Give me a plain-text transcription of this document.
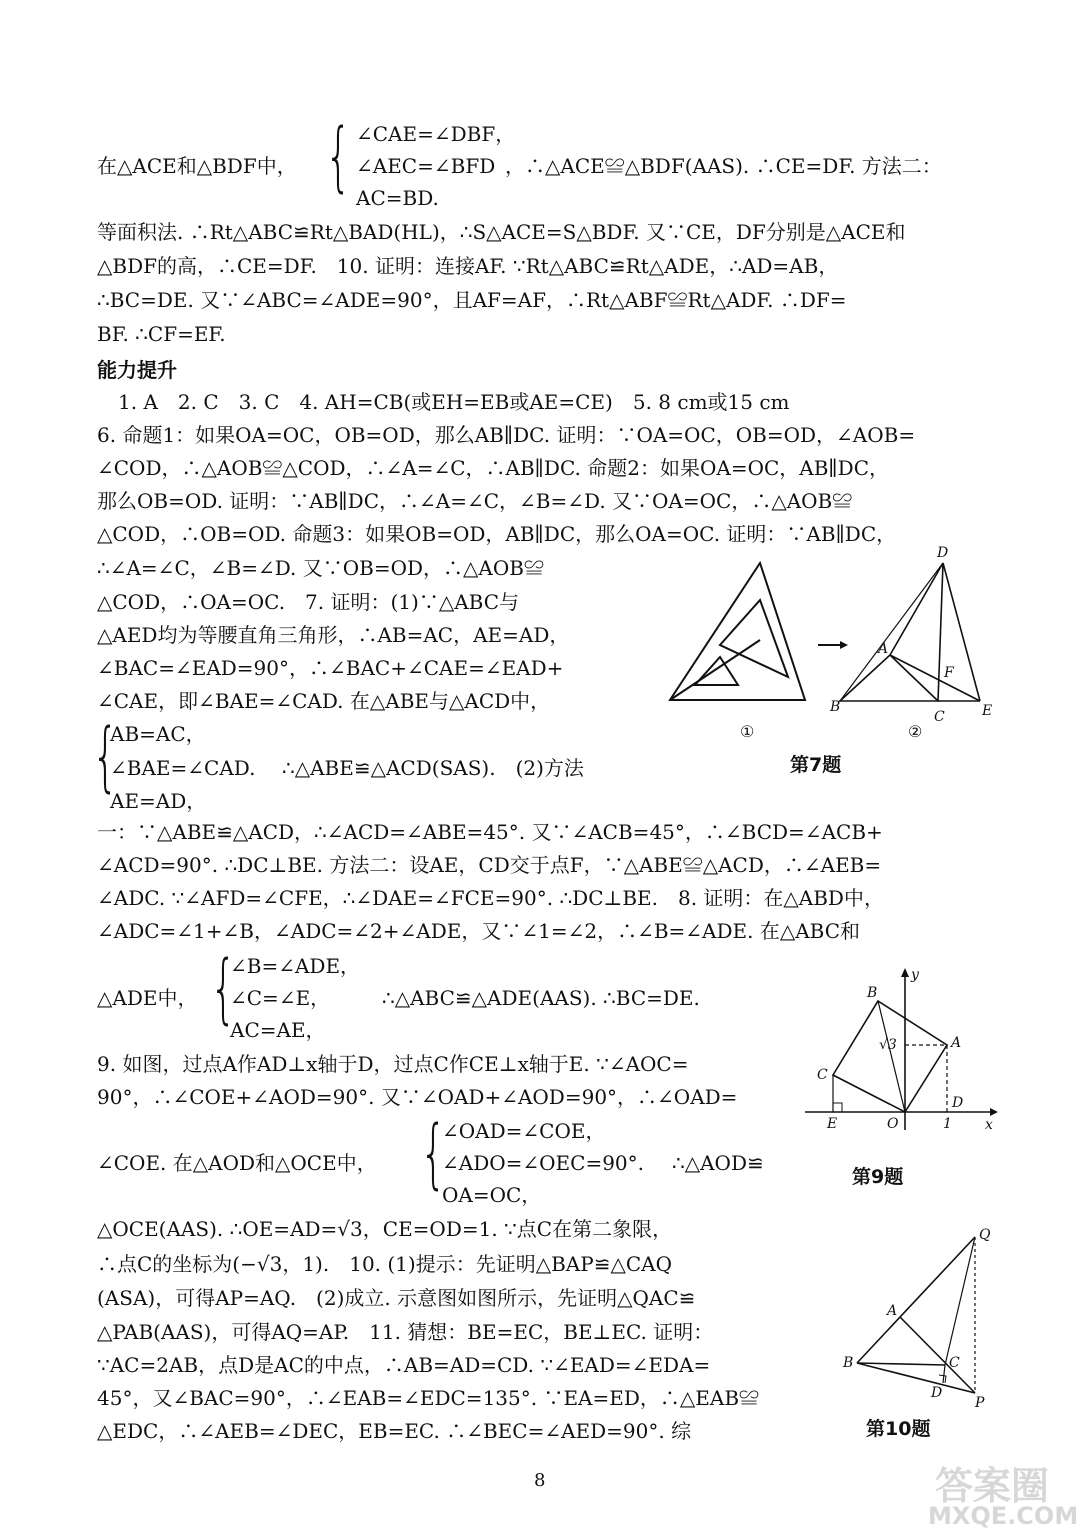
在△ACE和△BDF中， { ∠CAE=∠DBF，
∠AEC=∠BFD
AC=BD.
，∴△ACE≌△BDF(AAS). ∴CE=DF. 方法二：
等面积法. ∴Rt△ABC≌Rt△BAD(HL)，∴S△ACE=S△BDF. 又∵CE，DF分别是△ACE和
△BDF的高，∴CE=DF.　10. 证明：连接AF. ∵Rt△ABC≌Rt△ADE，∴AD=AB，
∴BC=DE. 又∵∠ABC=∠ADE=90°，且AF=AF，∴Rt△ABF≌Rt△ADF. ∴DF=
BF. ∴CF=EF.
能力提升
1. A　2. C　3. C　4. AH=CB(或EH=EB或AE=CE)　5. 8 cm或15 cm
6. 命题1：如果OA=OC，OB=OD，那么AB∥DC. 证明：∵OA=OC，OB=OD，∠AOB=
∠COD，∴△AOB≌△COD，∴∠A=∠C，∴AB∥DC. 命题2：如果OA=OC，AB∥DC，
那么OB=OD. 证明：∵AB∥DC，∴∠A=∠C，∠B=∠D. 又∵OA=OC，∴△AOB≌
△COD，∴OB=OD. 命题3：如果OB=OD，AB∥DC，那么OA=OC. 证明：∵AB∥DC，
∴∠A=∠C，∠B=∠D. 又∵OB=OD，∴△AOB≌
△COD，∴OA=OC.　7. 证明：(1)∵△ABC与
△AED均为等腰直角三角形，∴AB=AC，AE=AD，
∠BAC=∠EAD=90°，∴∠BAC+∠CAE=∠EAD+
∠CAE，即∠BAE=∠CAD. 在△ABE与△ACD中，
{
AB=AC，
∠BAE=∠CAD.
AE=AD，
∴△ABE≌△ACD(SAS).　(2)方法
一：∵△ABE≌△ACD，∴∠ACD=∠ABE=45°. 又∵∠ACB=45°，∴∠BCD=∠ACB+
∠ACD=90°. ∴DC⊥BE. 方法二：设AE，CD交于点F，∵△ABE≌△ACD，∴∠AEB=
∠ADC. ∵∠AFD=∠CFE，∴∠DAE=∠FCE=90°. ∴DC⊥BE.　8. 证明：在△ABD中，
∠ADC=∠1+∠B，∠ADC=∠2+∠ADE，又∵∠1=∠2，∴∠B=∠ADE. 在△ABC和
△ADE中， {
∠B=∠ADE，
∠C=∠E，
AC=AE，
∴△ABC≌△ADE(AAS). ∴BC=DE.
9. 如图，过点A作AD⊥x轴于D，过点C作CE⊥x轴于E. ∵∠AOC=
90°，∴∠COE+∠AOD=90°. 又∵∠OAD+∠AOD=90°，∴∠OAD=
∠COE. 在△AOD和△OCE中， {
∠OAD=∠COE，
∠ADO=∠OEC=90°.
OA=OC，
∴△AOD≌
△OCE(AAS). ∴OE=AD=√3，CE=OD=1. ∵点C在第二象限，
∴点C的坐标为(−√3，1).　10. (1)提示：先证明△BAP≌△CAQ
(ASA)，可得AP=AQ.　(2)成立. 示意图如图所示，先证明△QAC≌
△PAB(AAS)，可得AQ=AP.　11. 猜想：BE=EC，BE⊥EC. 证明：
∵AC=2AB，点D是AC的中点，∴AB=AD=CD. ∵∠EAD=∠EDA=
45°，又∠BAC=90°，∴∠EAB=∠EDC=135°. ∵EA=ED，∴△EAB≌
△EDC，∴∠AEB=∠DEC，EB=EC. ∴∠BEC=∠AED=90°. 综
D
A
F
B
C	E
①	②
第7题
y
x
B
A
C
D
E	O	1
√3
第9题
Q
A
B	C
D
P
第10题
8	答案圈
MXQE.COM
